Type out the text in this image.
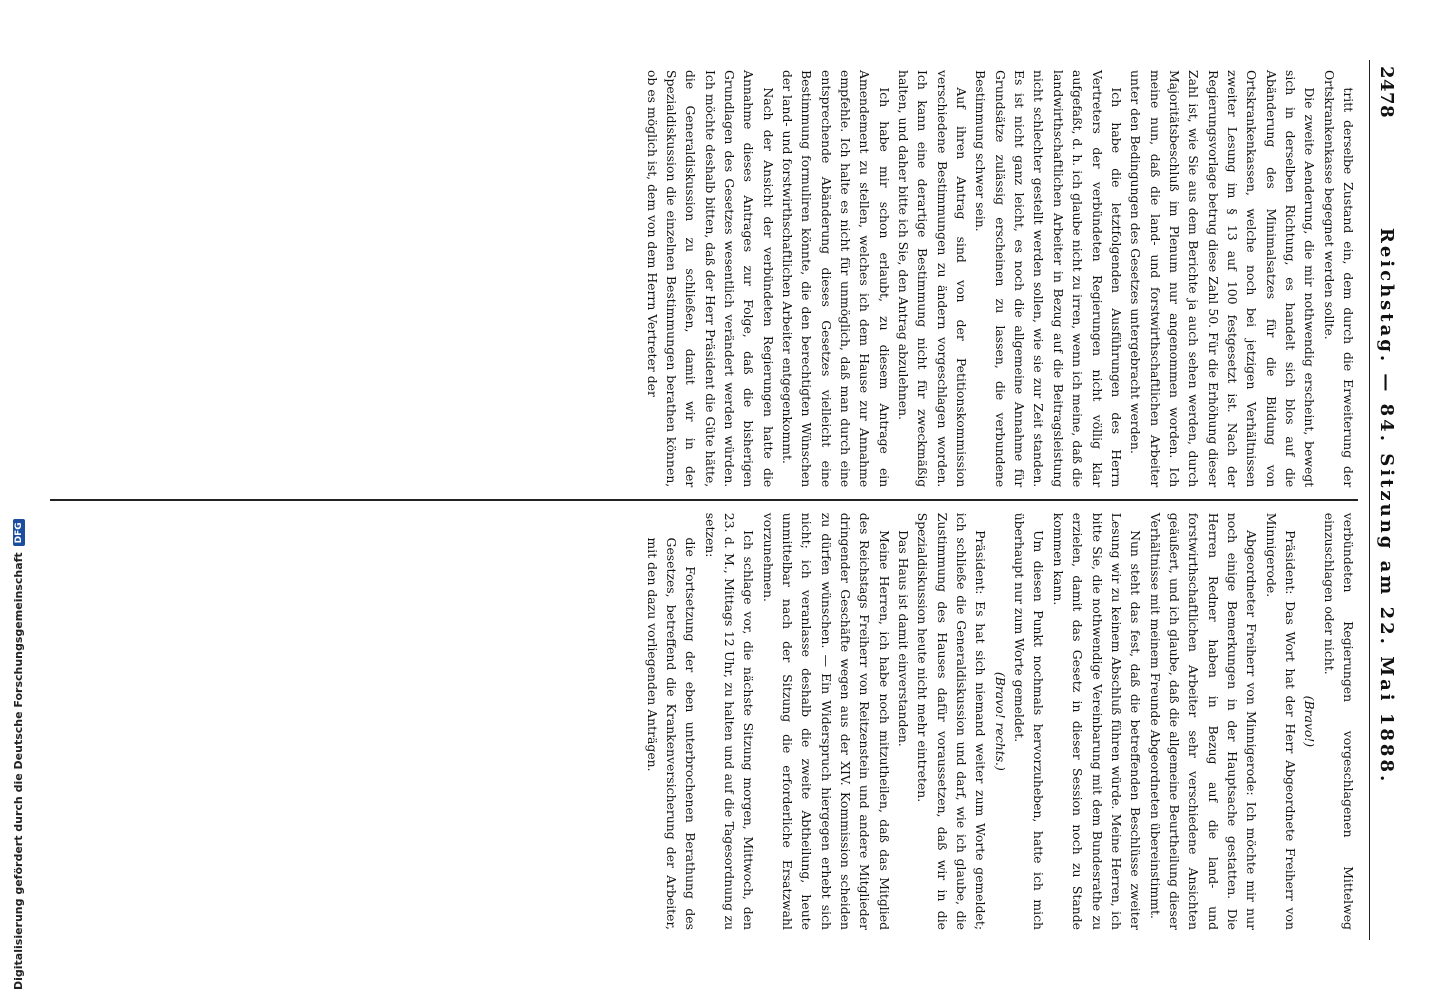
2478
Reichstag. — 84. Sitzung am 22. Mai 1888.

tritt derselbe Zustand ein, dem durch die Erweiterung der Ortskrankenkasse begegnet werden sollte.

Die zweite Aenderung, die mir nothwendig erscheint, bewegt sich in derselben Richtung, es handelt sich blos auf die Abänderung des Minimalsatzes für die Bildung von Ortskrankenkassen, welche noch bei jetzigen Verhältnissen zweiter Lesung im § 13 auf 100 festgesetzt ist. Nach der Regierungsvorlage betrug diese Zahl 50. Für die Erhöhung dieser Zahl ist, wie Sie aus dem Berichte ja auch sehen werden, durch Majoritätsbeschluß im Plenum nur angenommen worden. Ich meine nun, daß die land- und forstwirthschaftlichen Arbeiter unter den Bedingungen des Gesetzes untergebracht werden.

Ich habe die letztfolgenden Ausführungen des Herrn Vertreters der verbündeten Regierungen nicht völlig klar aufgefaßt, d. h. ich glaube nicht zu irren, wenn ich meine, daß die landwirthschaftlichen Arbeiter in Bezug auf die Beitragsleistung nicht schlechter gestellt werden sollen, wie sie zur Zeit standen. Es ist nicht ganz leicht, es noch die allgemeine Annahme für Grundsätze zulässig erscheinen zu lassen, die verbundene Bestimmung schwer sein.

Auf ihren Antrag sind von der Petitionskommission verschiedene Bestimmungen zu ändern vorgeschlagen worden. Ich kann eine derartige Bestimmung nicht für zweckmäßig halten, und daher bitte ich Sie, den Antrag abzulehnen.

Ich habe mir schon erlaubt, zu diesem Antrage ein Amendement zu stellen, welches ich dem Hause zur Annahme empfehle. Ich halte es nicht für unmöglich, daß man durch eine entsprechende Abänderung dieses Gesetzes vielleicht eine Bestimmung formuliren könnte, die den berechtigten Wünschen der land- und forstwirthschaftlichen Arbeiter entgegenkommt.

Nach der Ansicht der verbündeten Regierungen hatte die Annahme dieses Antrages zur Folge, daß die bisherigen Grundlagen des Gesetzes wesentlich verändert werden würden. Ich möchte deshalb bitten, daß der Herr Präsident die Güte hätte, die Generaldiskussion zu schließen, damit wir in der Spezialdiskussion die einzelnen Bestimmungen berathen können, ob es möglich ist, dem von dem Herrn Vertreter der

verbündeten Regierungen vorgeschlagenen Mittelweg einzuschlagen oder nicht.

(Bravo!)

Präsident: Das Wort hat der Herr Abgeordnete Freiherr von Minnigerode.

Abgeordneter Freiherr von Minnigerode: Ich möchte mir nur noch einige Bemerkungen in der Hauptsache gestatten. Die Herren Redner haben in Bezug auf die land- und forstwirthschaftlichen Arbeiter sehr verschiedene Ansichten geäußert, und ich glaube, daß die allgemeine Beurtheilung dieser Verhältnisse mit meinem Freunde Abgeordneten übereinstimmt.

Nun steht das fest, daß die betreffenden Beschlüsse zweiter Lesung wir zu keinem Abschluß führen würde. Meine Herren, ich bitte Sie, die nothwendige Vereinbarung mit dem Bundesrathe zu erzielen, damit das Gesetz in dieser Session noch zu Stande kommen kann.

Um diesen Punkt nochmals hervorzuheben, hatte ich mich überhaupt nur zum Worte gemeldet.

(Bravo! rechts.)

Präsident: Es hat sich niemand weiter zum Worte gemeldet; ich schließe die Generaldiskussion und darf, wie ich glaube, die Zustimmung des Hauses dafür voraussetzen, daß wir in die Spezialdiskussion heute nicht mehr eintreten.

Das Haus ist damit einverstanden.

Meine Herren, ich habe noch mitzutheilen, daß das Mitglied des Reichstags Freiherr von Reitzenstein und andere Mitglieder dringender Geschäfte wegen aus der XIV. Kommission scheiden zu dürfen wünschen. — Ein Widerspruch hiergegen erhebt sich nicht; ich veranlasse deshalb die zweite Abtheilung, heute unmittelbar nach der Sitzung die erforderliche Ersatzwahl vorzunehmen.

Ich schlage vor, die nächste Sitzung morgen, Mittwoch, den 23. d. M., Mittags 12 Uhr, zu halten und auf die Tagesordnung zu setzen:

die Fortsetzung der eben unterbrochenen Berathung des Gesetzes, betreffend die Krankenversicherung der Arbeiter, mit den dazu vorliegenden Anträgen.

Digitalisierung gefördert durch die Deutsche Forschungsgemeinschaft
DFG
